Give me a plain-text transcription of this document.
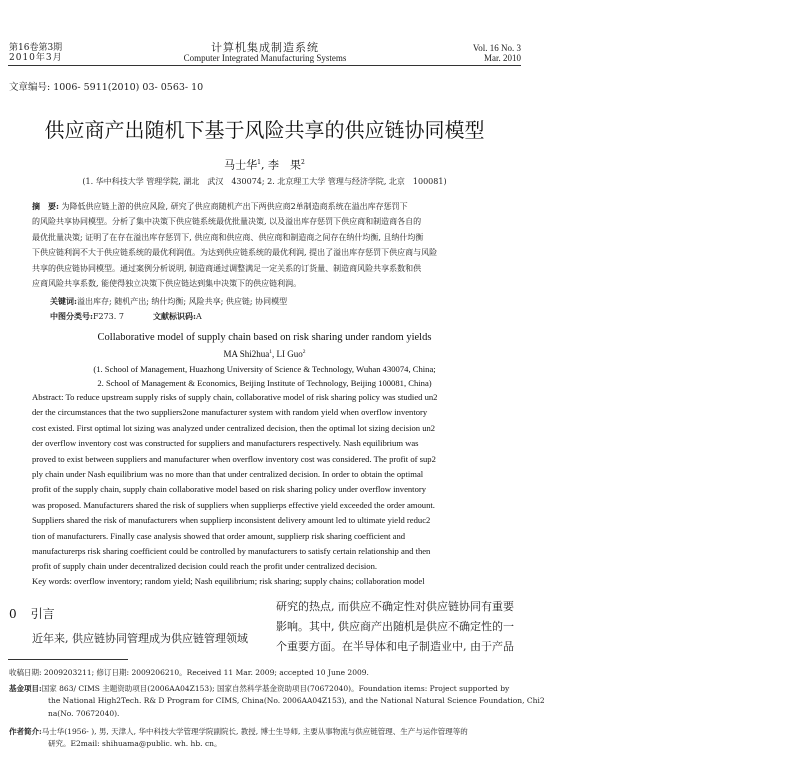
第16卷第3期
2010年3月
计算机集成制造系统
Computer Integrated Manufacturing Systems
Vol. 16 No. 3
Mar. 2010
文章编号: 1006- 5911(2010) 03- 0563- 10
供应商产出随机下基于风险共享的供应链协同模型
马士华$^1$, 李　果$^2$
(1. 华中科技大学 管理学院, 湖北　武汉　430074; 2. 北京理工大学 管理与经济学院, 北京　100081)
摘　要: 为降低供应链上游的供应风险, 研究了供应商随机产出下两供应商2单制造商系统在溢出库存惩罚下
的风险共享协同模型。分析了集中决策下供应链系统最优批量决策, 以及溢出库存惩罚下供应商和制造商各自的
最优批量决策; 证明了在存在溢出库存惩罚下, 供应商和供应商、供应商和制造商之间存在纳什均衡, 且纳什均衡
下供应链利润不大于供应链系统的最优利润值。为达到供应链系统的最优利润, 提出了溢出库存惩罚下供应商与风险
共享的供应链协同模型。通过案例分析说明, 制造商通过调整满足一定关系的订货量、制造商风险共享系数和供
应商风险共享系数, 能使得独立决策下供应链达到集中决策下的供应链利润。
关键词:溢出库存; 随机产出; 纳什均衡; 风险共享; 供应链; 协同模型
中图分类号:F273. 7	文献标识码:A
Collaborative model of supply chain based on risk sharing under random yields
MA Shi2hua$^1$, LI Guo$^2$
(1. School of Management, Huazhong University of Science & Technology, Wuhan 430074, China;
2. School of Management & Economics, Beijing Institute of Technology, Beijing 100081, China)
Abstract: To reduce upstream supply risks of supply chain, collaborative model of risk sharing policy was studied un2
der the circumstances that the two suppliers2one manufacturer system with random yield when overflow inventory
cost existed. First optimal lot sizing was analyzed under centralized decision, then the optimal lot sizing decision un2
der overflow inventory cost was constructed for suppliers and manufacturers respectively. Nash equilibrium was
proved to exist between suppliers and manufacturer when overflow inventory cost was considered. The profit of sup2
ply chain under Nash equilibrium was no more than that under centralized decision. In order to obtain the optimal
profit of the supply chain, supply chain collaborative model based on risk sharing policy under overflow inventory
was proposed. Manufacturers shared the risk of suppliers when supplierps effective yield exceeded the order amount.
Suppliers shared the risk of manufacturers when supplierp inconsistent delivery amount led to ultimate yield reduc2
tion of manufacturers. Finally case analysis showed that order amount, supplierp risk sharing coefficient and
manufacturerps risk sharing coefficient could be controlled by manufacturers to satisfy certain relationship and then
profit of supply chain under decentralized decision could reach the profit under centralized decision.
Key words: overflow inventory; random yield; Nash equilibrium; risk sharing; supply chains; collaboration model
0 引言
近年来, 供应链协同管理成为供应链管理领域
研究的热点, 而供应不确定性对供应链协同有重要
影响。其中, 供应商产出随机是供应不确定性的一
个重要方面。在半导体和电子制造业中, 由于产品
收稿日期: 2009203211; 修订日期: 2009206210。Received 11 Mar. 2009; accepted 10 June 2009.
基金项目:国家 863/ CIMS 主题资助项目(2006AA04Z153); 国家自然科学基金资助项目(70672040)。Foundation items: Project supported by
the National High2Tech. R& D Program for CIMS, China(No. 2006AA04Z153), and the National Natural Science Foundation, Chi2
na(No. 70672040).
作者简介:马士华(1956- ), 男, 天津人, 华中科技大学管理学院副院长, 教授, 博士生导师, 主要从事物流与供应链管理、生产与运作管理等的
研究。E2mail: shihuama@public. wh. hb. cn。
